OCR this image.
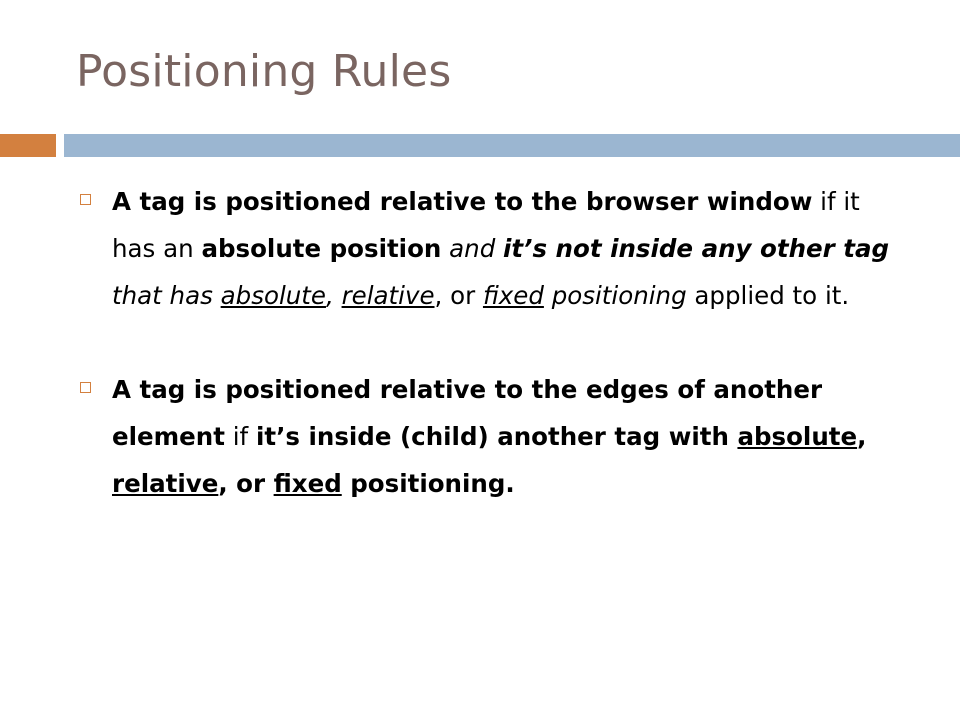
Positioning Rules
A tag is positioned relative to the browser window if it has an absolute position and it’s not inside any other tag that has absolute, relative, or fixed positioning applied to it.
A tag is positioned relative to the edges of another element if it’s inside (child) another tag with absolute, relative, or fixed positioning.
